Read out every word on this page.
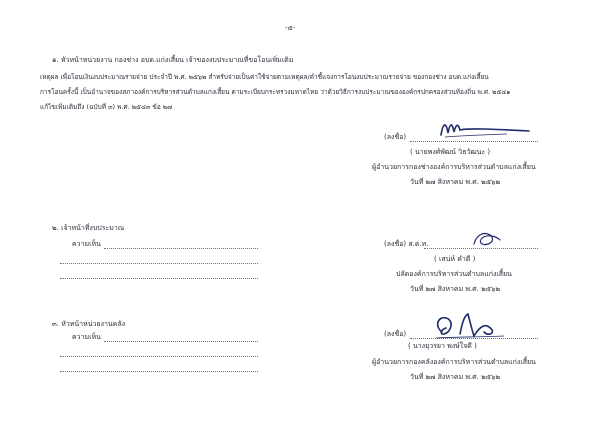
-๕-
๑. หัวหน้าหน่วยงาน กองช่าง อบต.แก่งเสี้ยน เจ้าของงบประมาณที่ขอโอนเพิ่มเติม
เหตุผล เพื่อโอนเงินงบประมาณรายจ่าย ประจำปี พ.ศ. ๒๕๖๒ สำหรับจ่ายเป็นค่าใช้จ่ายตามเหตุผล/คำชี้แจงการโอนงบประมาณรายจ่าย ของกองช่าง อบต.แก่งเสี้ยน
การโอนครั้งนี้ เป็นอำนาจของสภาองค์การบริหารส่วนตำบลแก่งเสี้ยน ตามระเบียบกระทรวงมหาดไทย ว่าด้วยวิธีการงบประมาณขององค์กรปกครองส่วนท้องถิ่น พ.ศ. ๒๕๔๑
แก้ไขเพิ่มเติมถึง (ฉบับที่ ๓) พ.ศ. ๒๕๔๓ ข้อ ๒๗
(ลงชื่อ)
( นายพงศ์พัฒน์ วิธวัฒนะ )
ผู้อำนวยการกองช่างองค์การบริหารส่วนตำบลแก่งเสี้ยน
วันที่ ๒๗ สิงหาคม พ.ศ. ๒๕๖๒
๒. เจ้าหน้าที่งบประมาณ
ความเห็น	(ลงชื่อ) ส.ต.ท.
( เสน่ห์ คำดี )
ปลัดองค์การบริหารส่วนตำบลแก่งเสี้ยน
วันที่ ๒๗ สิงหาคม พ.ศ. ๒๕๖๒
๓. หัวหน้าหน่วยงานคลัง
ความเห็น	(ลงชื่อ)
( นางยุวรยา พงษ์ใจดี )
ผู้อำนวยการกองคลังองค์การบริหารส่วนตำบลแก่งเสี้ยน
วันที่ ๒๗ สิงหาคม พ.ศ. ๒๕๖๒
